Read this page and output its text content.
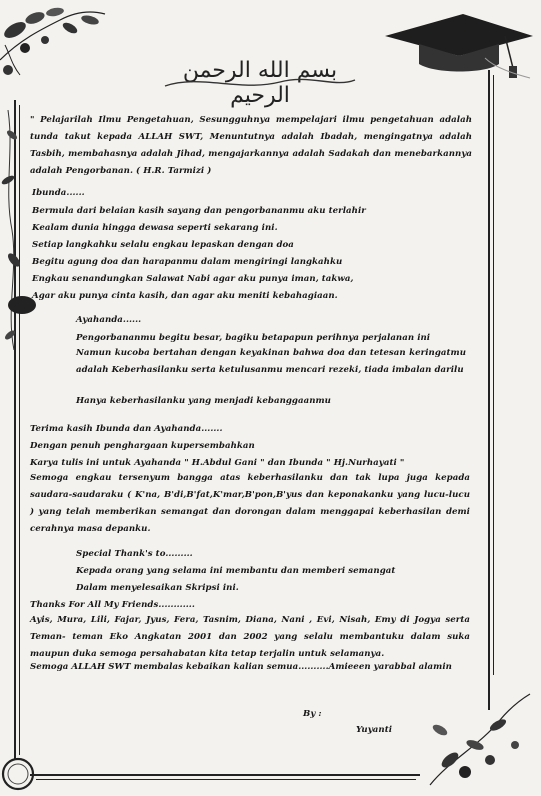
بسم الله الرحمن الرحيم
" Pelajarilah Ilmu Pengetahuan, Sesungguhnya mempelajari ilmu pengetahuan adalah tunda takut kepada ALLAH SWT, Menuntutnya adalah Ibadah, mengingatnya adalah Tasbih, membahasnya adalah Jihad, mengajarkannya adalah Sadakah dan menebarkannya adalah Pengorbanan. ( H.R. Tarmizi )
Ibunda......
Bermula dari belaian kasih sayang dan pengorbananmu aku terlahir
Kealam dunia hingga dewasa seperti sekarang ini.
Setiap langkahku selalu engkau lepaskan dengan doa
Begitu agung doa dan harapanmu dalam mengiringi langkahku
Engkau senandungkan Salawat Nabi agar aku punya iman, takwa,
Agar aku punya cinta kasih, dan agar aku meniti kebahagiaan.
Ayahanda......
Pengorbananmu begitu besar, bagiku betapapun perihnya perjalanan ini
Namun kucoba bertahan dengan keyakinan bahwa doa dan tetesan keringatmu adalah Keberhasilanku serta ketulusanmu mencari rezeki, tiada imbalan darilu
Hanya keberhasilanku yang menjadi kebanggaanmu
Terima kasih Ibunda dan Ayahanda.......
Dengan penuh penghargaan kupersembahkan
Karya tulis ini untuk Ayahanda " H.Abdul Gani " dan Ibunda " Hj.Nurhayati "
Semoga engkau tersenyum bangga atas keberhasilanku dan tak lupa juga kepada saudara-saudaraku ( K'na, B'di,B'fat,K'mar,B'pon,B'yus dan keponakanku yang lucu-lucu ) yang telah memberikan semangat dan dorongan dalam menggapai keberhasilan demi cerahnya masa depanku.
Special Thank's to.........
Kepada orang yang selama ini membantu dan memberi semangat
Dalam menyelesaikan Skripsi ini.
Thanks For All My Friends............
Ayis, Mura, Lili, Fajar, Jyus, Fera, Tasnim, Diana, Nani , Evi, Nisah, Emy di Jogya serta Teman- teman Eko Angkatan 2001 dan 2002 yang selalu membantuku dalam suka maupun duka semoga persahabatan kita tetap terjalin untuk selamanya.
Semoga ALLAH SWT membalas kebaikan kalian semua..........Amieeen yarabbal alamin
By :
Yuyanti
